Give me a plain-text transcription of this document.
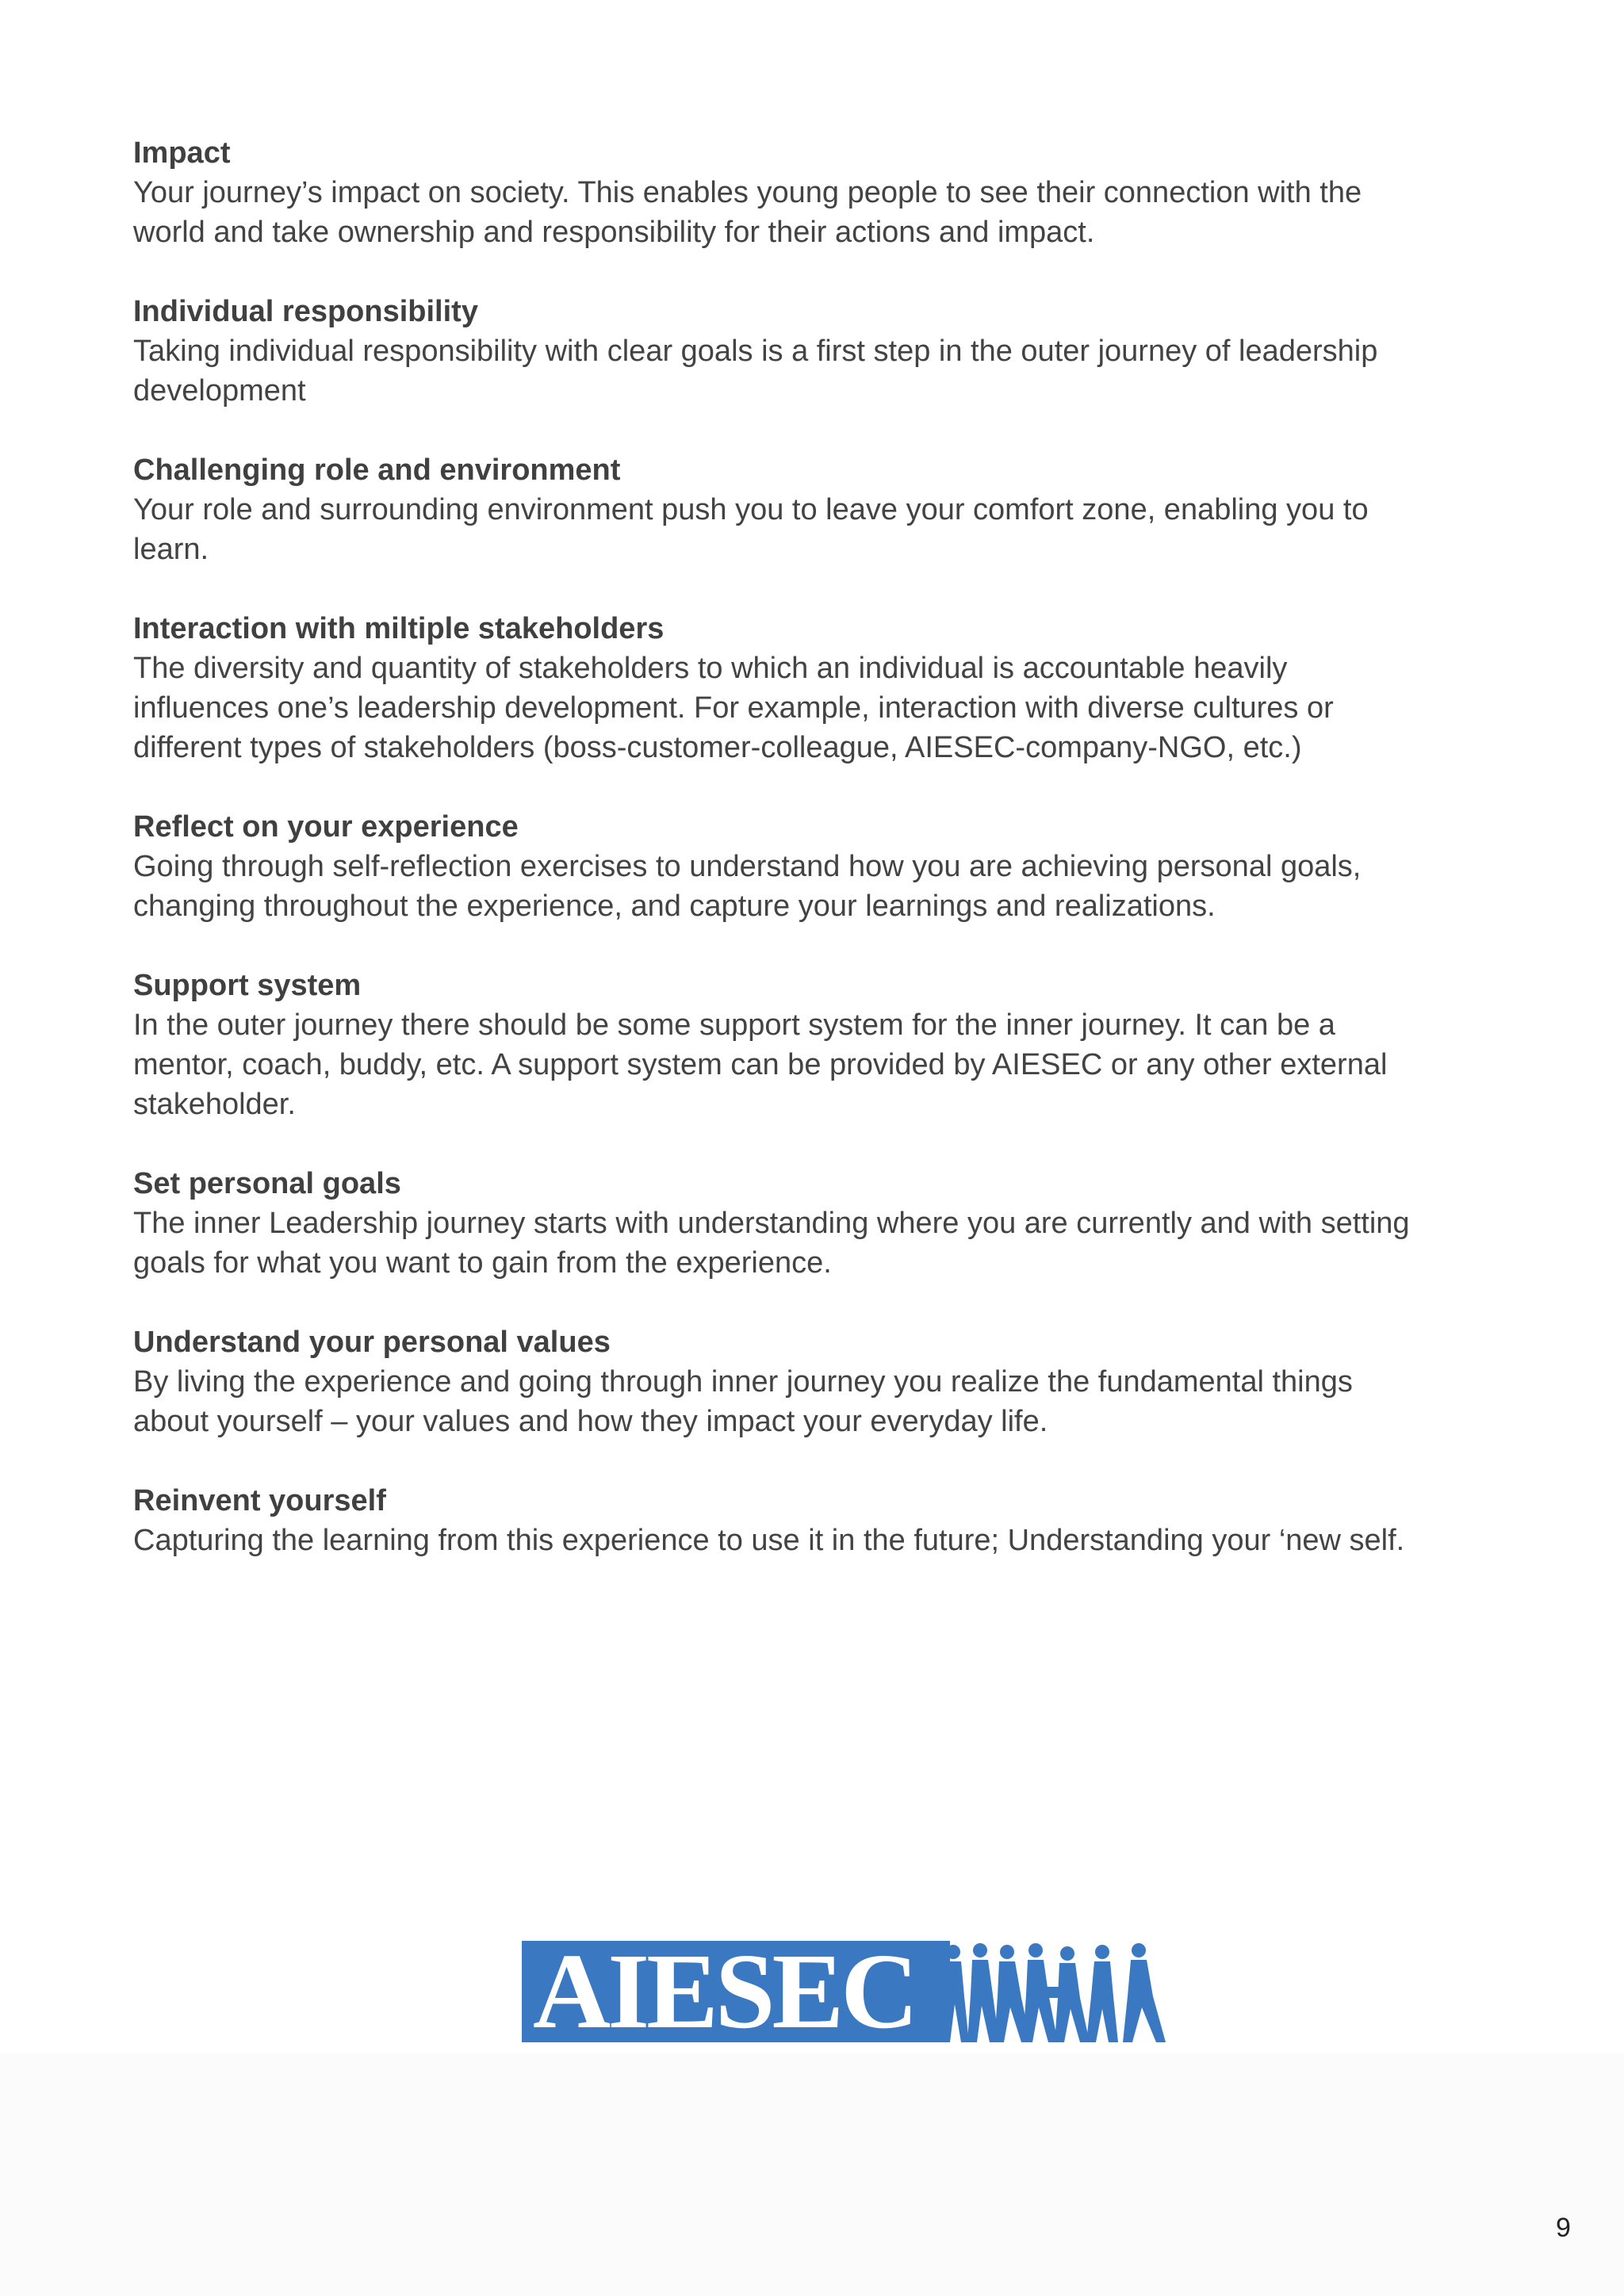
Impact

Your journey’s impact on society. This enables young people to see their connection with the
world and take ownership and responsibility for their actions and impact.

Individual responsibility

Taking individual responsibility with clear goals is a first step in the outer journey of leadership
development

Challenging role and environment

Your role and surrounding environment push you to leave your comfort zone, enabling you to
learn.

Interaction with miltiple stakeholders

The diversity and quantity of stakeholders to which an individual is accountable heavily
influences one’s leadership development. For example, interaction with diverse cultures or
different types of stakeholders (boss-customer-colleague, AIESEC-company-NGO, etc.)

Reflect on your experience

Going through self-reflection exercises to understand how you are achieving personal goals,
changing throughout the experience, and capture your learnings and realizations.

Support system

In the outer journey there should be some support system for the inner journey. It can be a
mentor, coach, buddy, etc. A support system can be provided by AIESEC or any other external
stakeholder.

Set personal goals

The inner Leadership journey starts with understanding where you are currently and with setting
goals for what you want to gain from the experience.

Understand your personal values

By living the experience and going through inner journey you realize the fundamental things
about yourself – your values and how they impact your everyday life.

Reinvent yourself

Capturing the learning from this experience to use it in the future; Understanding your ‘new self.

AIESEC
9
